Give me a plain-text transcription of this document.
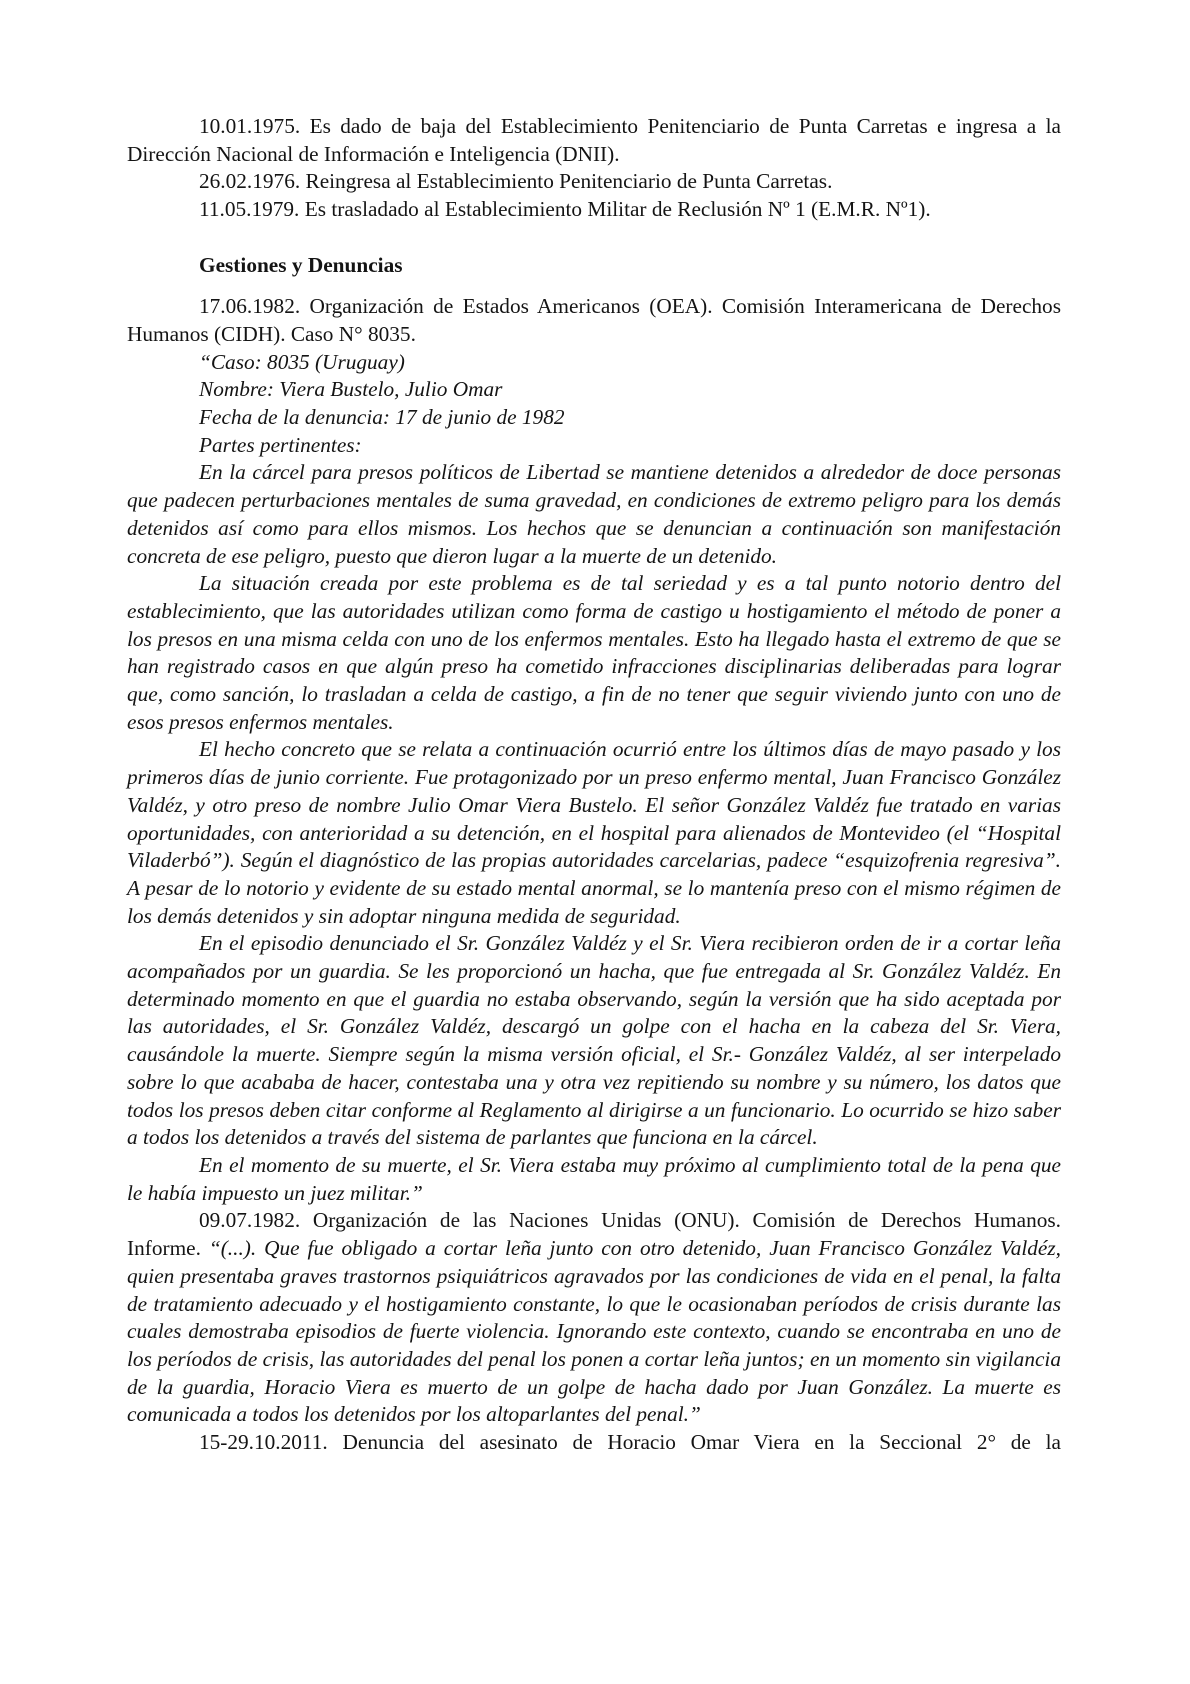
10.01.1975. Es dado de baja del Establecimiento Penitenciario de Punta Carretas e ingresa a la Dirección Nacional de Información e Inteligencia (DNII).

26.02.1976. Reingresa al Establecimiento Penitenciario de Punta Carretas.

11.05.1979. Es trasladado al Establecimiento Militar de Reclusión Nº 1 (E.M.R. Nº1).

Gestiones y Denuncias

17.06.1982. Organización de Estados Americanos (OEA). Comisión Interamericana de Derechos Humanos (CIDH). Caso N° 8035.

“Caso: 8035 (Uruguay)

Nombre: Viera Bustelo, Julio Omar

Fecha de la denuncia: 17 de junio de 1982

Partes pertinentes:

En la cárcel para presos políticos de Libertad se mantiene detenidos a alrededor de doce personas que padecen perturbaciones mentales de suma gravedad, en condiciones de extremo peligro para los demás detenidos así como para ellos mismos. Los hechos que se denuncian a continuación son manifestación concreta de ese peligro, puesto que dieron lugar a la muerte de un detenido.

La situación creada por este problema es de tal seriedad y es a tal punto notorio dentro del establecimiento, que las autoridades utilizan como forma de castigo u hostigamiento el método de poner a los presos en una misma celda con uno de los enfermos mentales. Esto ha llegado hasta el extremo de que se han registrado casos en que algún preso ha cometido infracciones disciplinarias deliberadas para lograr que, como sanción, lo trasladan a celda de castigo, a fin de no tener que seguir viviendo junto con uno de esos presos enfermos mentales.

El hecho concreto que se relata a continuación ocurrió entre los últimos días de mayo pasado y los primeros días de junio corriente. Fue protagonizado por un preso enfermo mental, Juan Francisco González Valdéz, y otro preso de nombre Julio Omar Viera Bustelo. El señor González Valdéz fue tratado en varias oportunidades, con anterioridad a su detención, en el hospital para alienados de Montevideo (el “Hospital Viladerbó”). Según el diagnóstico de las propias autoridades carcelarias, padece “esquizofrenia regresiva”. A pesar de lo notorio y evidente de su estado mental anormal, se lo mantenía preso con el mismo régimen de los demás detenidos y sin adoptar ninguna medida de seguridad.

En el episodio denunciado el Sr. González Valdéz y el Sr. Viera recibieron orden de ir a cortar leña acompañados por un guardia. Se les proporcionó un hacha, que fue entregada al Sr. González Valdéz. En determinado momento en que el guardia no estaba observando, según la versión que ha sido aceptada por las autoridades, el Sr. González Valdéz, descargó un golpe con el hacha en la cabeza del Sr. Viera, causándole la muerte. Siempre según la misma versión oficial, el Sr.- González Valdéz, al ser interpelado sobre lo que acababa de hacer, contestaba una y otra vez repitiendo su nombre y su número, los datos que todos los presos deben citar conforme al Reglamento al dirigirse a un funcionario. Lo ocurrido se hizo saber a todos los detenidos a través del sistema de parlantes que funciona en la cárcel.

En el momento de su muerte, el Sr. Viera estaba muy próximo al cumplimiento total de la pena que le había impuesto un juez militar.”

09.07.1982. Organización de las Naciones Unidas (ONU). Comisión de Derechos Humanos. Informe. “(...). Que fue obligado a cortar leña junto con otro detenido, Juan Francisco González Valdéz, quien presentaba graves trastornos psiquiátricos agravados por las condiciones de vida en el penal, la falta de tratamiento adecuado y el hostigamiento constante, lo que le ocasionaban períodos de crisis durante las cuales demostraba episodios de fuerte violencia. Ignorando este contexto, cuando se encontraba en uno de los períodos de crisis, las autoridades del penal los ponen a cortar leña juntos; en un momento sin vigilancia de la guardia, Horacio Viera es muerto de un golpe de hacha dado por Juan González. La muerte es comunicada a todos los detenidos por los altoparlantes del penal.”

15-29.10.2011. Denuncia del asesinato de Horacio Omar Viera en la Seccional 2° de la
